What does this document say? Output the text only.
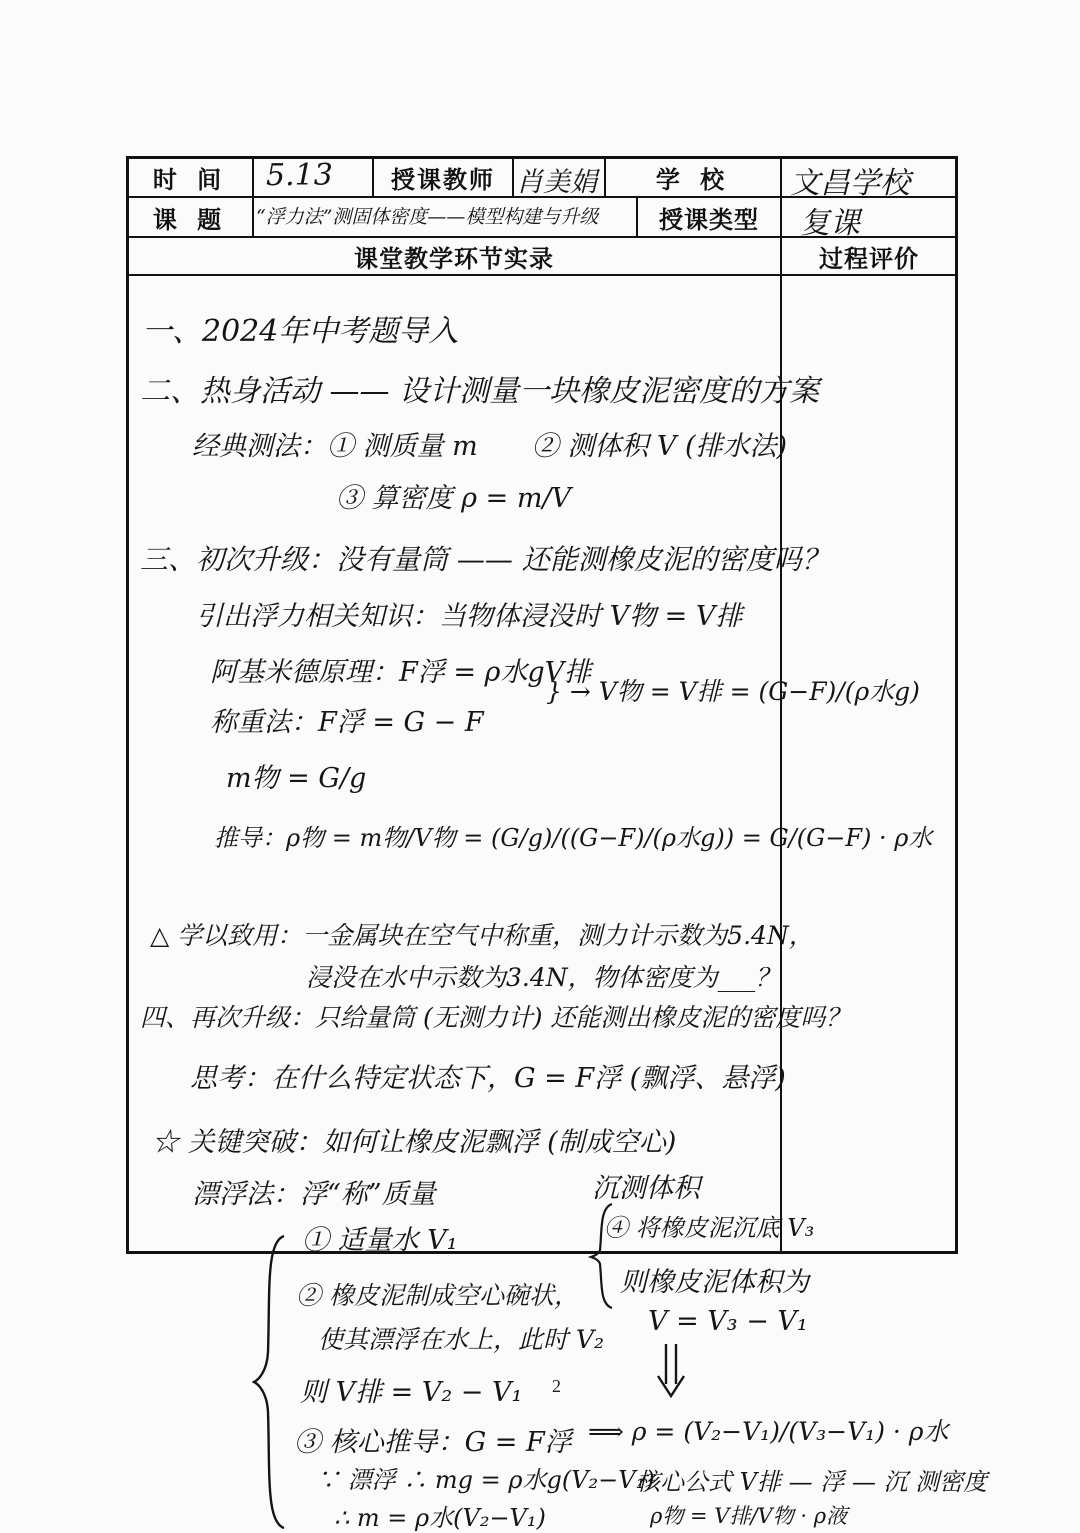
时 间	5.13	授课教师 肖美娟	学 校	文昌学校
课 题	“浮力法”测固体密度——模型构建与升级	授课类型	复课
课堂教学环节实录	过程评价
一、2024年中考题导入
二、热身活动 —— 设计测量一块橡皮泥密度的方案
经典测法：① 测质量 m　　② 测体积 V (排水法)
③ 算密度 ρ = m/V
三、初次升级：没有量筒 —— 还能测橡皮泥的密度吗？
引出浮力相关知识：当物体浸没时 V物 = V排
阿基米德原理：F浮 = ρ水gV排
称重法：F浮 = G − F
} → V物 = V排 = (G−F)/(ρ水g)
m物 = G/g
推导：ρ物 = m物/V物 = (G/g)/((G−F)/(ρ水g)) = G/(G−F) · ρ水
△ 学以致用：一金属块在空气中称重，测力计示数为5.4N，
浸没在水中示数为3.4N，物体密度为___？
四、再次升级：只给量筒 (无测力计) 还能测出橡皮泥的密度吗？
思考：在什么特定状态下，G = F浮 (飘浮、悬浮)
☆ 关键突破：如何让橡皮泥飘浮 (制成空心)
漂浮法：浮“称”质量	沉测体积
① 适量水 V₁	④ 将橡皮泥沉底 V₃
② 橡皮泥制成空心碗状， 则橡皮泥体积为
使其漂浮在水上，此时 V₂
V = V₃ − V₁
则 V排 = V₂ − V₁
③ 核心推导：G = F浮 ⟹ ρ = (V₂−V₁)/(V₃−V₁) · ρ水
∵ 漂浮 ∴ mg = ρ水g(V₂−V₁)
核心公式 V排 — 浮 — 沉 测密度
∴ m = ρ水(V₂−V₁)	ρ物 = V排/V物 · ρ液
2
